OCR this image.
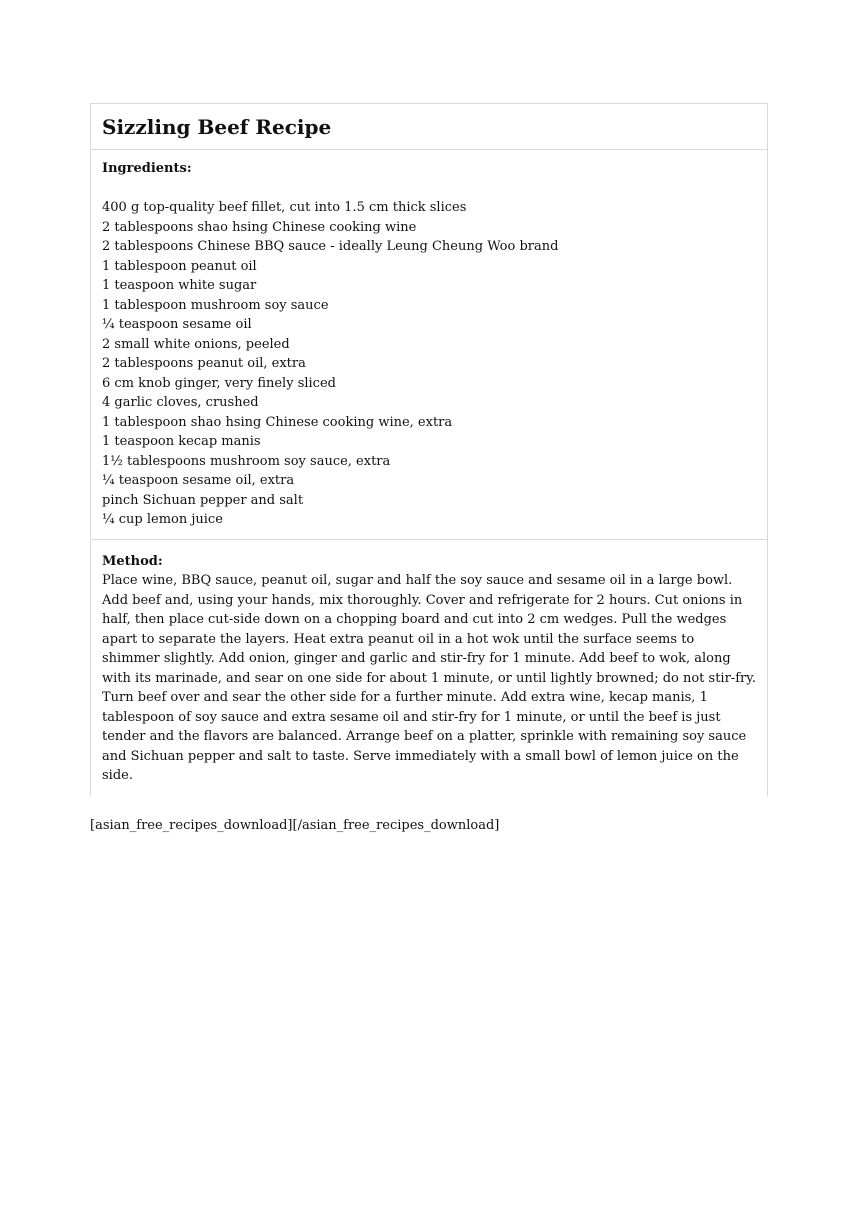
Sizzling Beef Recipe

Ingredients:

400 g top-quality beef fillet, cut into 1.5 cm thick slices
2 tablespoons shao hsing Chinese cooking wine
2 tablespoons Chinese BBQ sauce - ideally Leung Cheung Woo brand
1 tablespoon peanut oil
1 teaspoon white sugar
1 tablespoon mushroom soy sauce
¼ teaspoon sesame oil
2 small white onions, peeled
2 tablespoons peanut oil, extra
6 cm knob ginger, very finely sliced
4 garlic cloves, crushed
1 tablespoon shao hsing Chinese cooking wine, extra
1 teaspoon kecap manis
1½ tablespoons mushroom soy sauce, extra
¼ teaspoon sesame oil, extra
pinch Sichuan pepper and salt
¼ cup lemon juice

Method:

Place wine, BBQ sauce, peanut oil, sugar and half the soy sauce and sesame oil in a large bowl.
Add beef and, using your hands, mix thoroughly. Cover and refrigerate for 2 hours. Cut onions in
half, then place cut-side down on a chopping board and cut into 2 cm wedges. Pull the wedges
apart to separate the layers. Heat extra peanut oil in a hot wok until the surface seems to
shimmer slightly. Add onion, ginger and garlic and stir-fry for 1 minute. Add beef to wok, along
with its marinade, and sear on one side for about 1 minute, or until lightly browned; do not stir-fry.
Turn beef over and sear the other side for a further minute. Add extra wine, kecap manis, 1
tablespoon of soy sauce and extra sesame oil and stir-fry for 1 minute, or until the beef is just
tender and the flavors are balanced. Arrange beef on a platter, sprinkle with remaining soy sauce
and Sichuan pepper and salt to taste. Serve immediately with a small bowl of lemon juice on the
side.

[asian_free_recipes_download][/asian_free_recipes_download]
